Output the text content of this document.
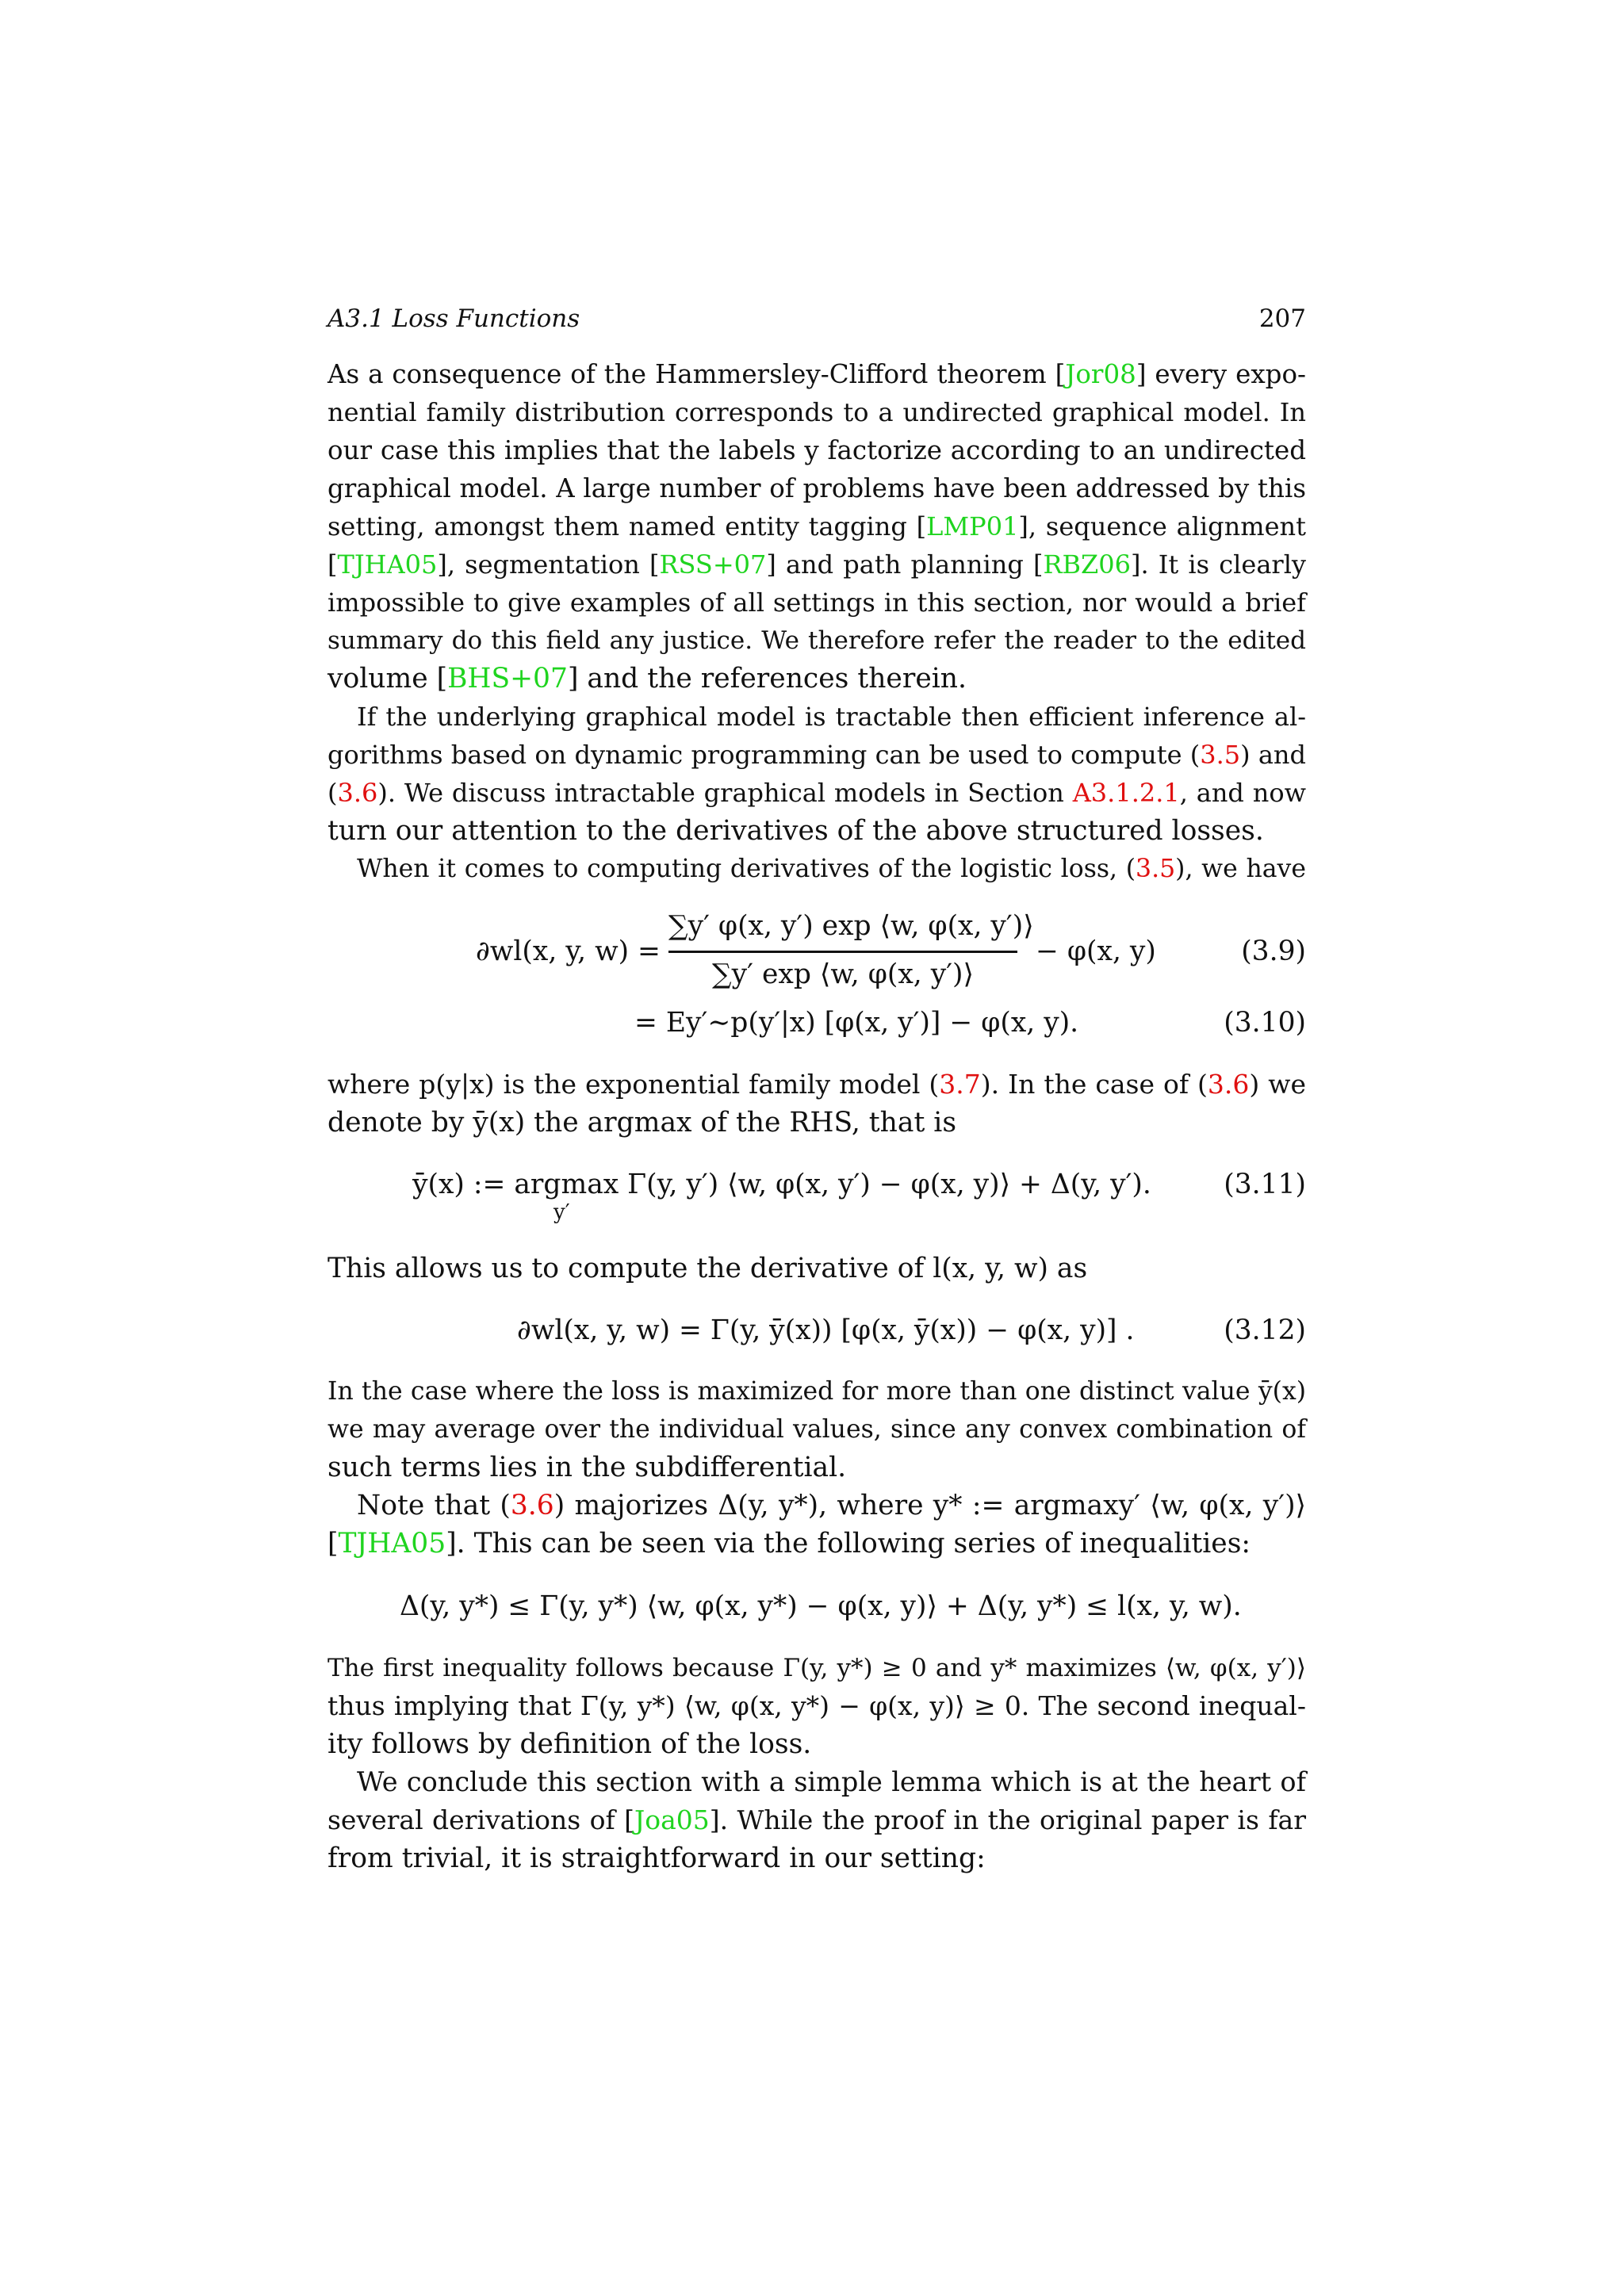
A3.1 Loss Functions	207
As a consequence of the Hammersley-Clifford theorem [Jor08] every expo-
nential family distribution corresponds to a undirected graphical model. In
our case this implies that the labels y factorize according to an undirected
graphical model. A large number of problems have been addressed by this
setting, amongst them named entity tagging [LMP01], sequence alignment
[TJHA05], segmentation [RSS+07] and path planning [RBZ06]. It is clearly
impossible to give examples of all settings in this section, nor would a brief
summary do this field any justice. We therefore refer the reader to the edited
volume [BHS+07] and the references therein.
If the underlying graphical model is tractable then efficient inference al-
gorithms based on dynamic programming can be used to compute (3.5) and
(3.6). We discuss intractable graphical models in Section A3.1.2.1, and now
turn our attention to the derivatives of the above structured losses.
When it comes to computing derivatives of the logistic loss, (3.5), we have
∂wl(x, y, w) =
∑y′ φ(x, y′) exp ⟨w, φ(x, y′)⟩
∑y′ exp ⟨w, φ(x, y′)⟩
− φ(x, y)	(3.9)
= Ey′∼p(y′|x) [φ(x, y′)] − φ(x, y).	(3.10)
where p(y|x) is the exponential family model (3.7). In the case of (3.6) we
denote by ȳ(x) the argmax of the RHS, that is
ȳ(x) := argmax Γ(y, y′) ⟨w, φ(x, y′) − φ(x, y)⟩ + Δ(y, y′).
y′
(3.11)
This allows us to compute the derivative of l(x, y, w) as
∂wl(x, y, w) = Γ(y, ȳ(x)) [φ(x, ȳ(x)) − φ(x, y)] .	(3.12)
In the case where the loss is maximized for more than one distinct value ȳ(x)
we may average over the individual values, since any convex combination of
such terms lies in the subdifferential.
Note that (3.6) majorizes Δ(y, y*), where y* := argmaxy′ ⟨w, φ(x, y′)⟩
[TJHA05]. This can be seen via the following series of inequalities:
Δ(y, y*) ≤ Γ(y, y*) ⟨w, φ(x, y*) − φ(x, y)⟩ + Δ(y, y*) ≤ l(x, y, w).
The first inequality follows because Γ(y, y*) ≥ 0 and y* maximizes ⟨w, φ(x, y′)⟩
thus implying that Γ(y, y*) ⟨w, φ(x, y*) − φ(x, y)⟩ ≥ 0. The second inequal-
ity follows by definition of the loss.
We conclude this section with a simple lemma which is at the heart of
several derivations of [Joa05]. While the proof in the original paper is far
from trivial, it is straightforward in our setting:
